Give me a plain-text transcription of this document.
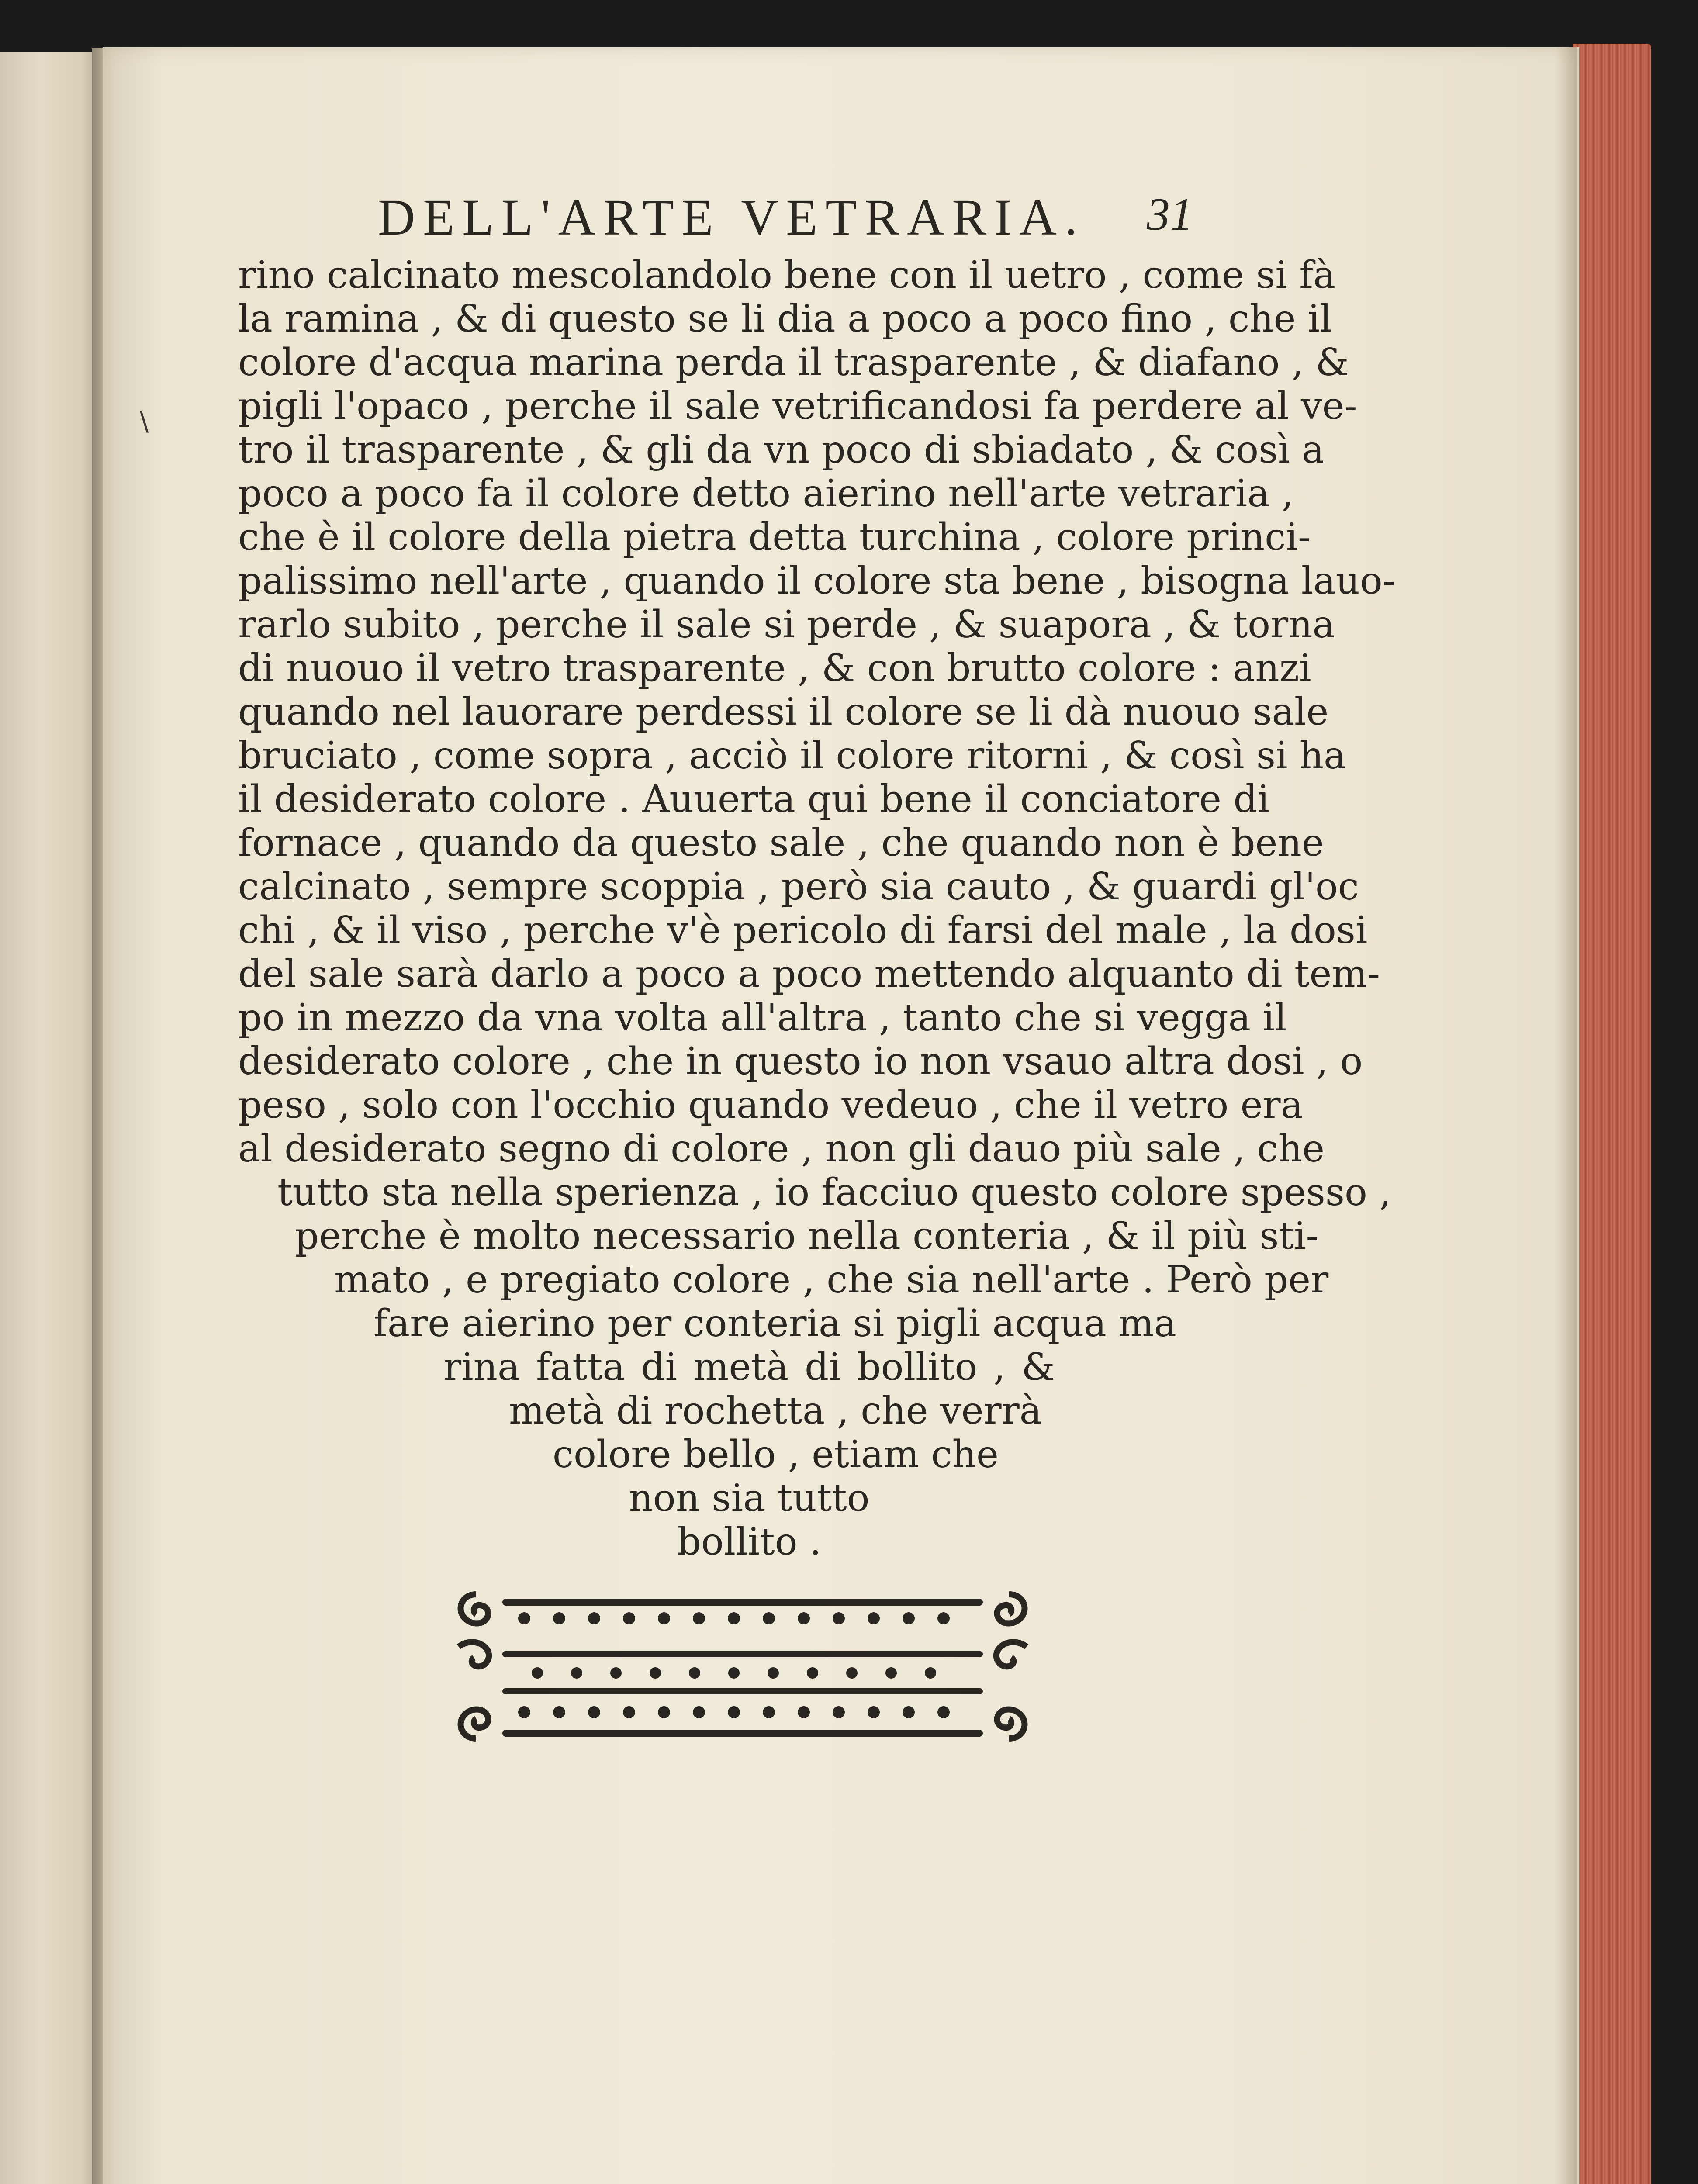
\
DELL'ARTE VETRARIA. 31
rino calcinato mescolandolo bene con il uetro , come si fà
la ramina , & di questo se li dia a poco a poco fino , che il
colore d'acqua marina perda il trasparente , & diafano , &
pigli l'opaco , perche il sale vetrificandosi fa perdere al ve-
tro il trasparente , & gli da vn poco di sbiadato , & così a
poco a poco fa il colore detto aierino nell'arte vetraria ,
che è il colore della pietra detta turchina , colore princi-
palissimo nell'arte , quando il colore sta bene , bisogna lauo-
rarlo subito , perche il sale si perde , & suapora , & torna
di nuouo il vetro trasparente , & con brutto colore : anzi
quando nel lauorare perdessi il colore se li dà nuouo sale
bruciato , come sopra , acciò il colore ritorni , & così si ha
il desiderato colore . Auuerta qui bene il conciatore di
fornace , quando da questo sale , che quando non è bene
calcinato , sempre scoppia , però sia cauto , & guardi gl'oc
chi , & il viso , perche v'è pericolo di farsi del male , la dosi
del sale sarà darlo a poco a poco mettendo alquanto di tem-
po in mezzo da vna volta all'altra , tanto che si vegga il
desiderato colore , che in questo io non vsauo altra dosi , o
peso , solo con l'occhio quando vedeuo , che il vetro era
al desiderato segno di colore , non gli dauo più sale , che
tutto sta nella sperienza , io facciuo questo colore spesso ,
perche è molto necessario nella conteria , & il più sti-
mato , e pregiato colore , che sia nell'arte . Però per
fare aierino per conteria si pigli acqua ma
rina fatta di metà di bollito , &
metà di rochetta , che verrà
colore bello , etiam che
non sia tutto
bollito .
